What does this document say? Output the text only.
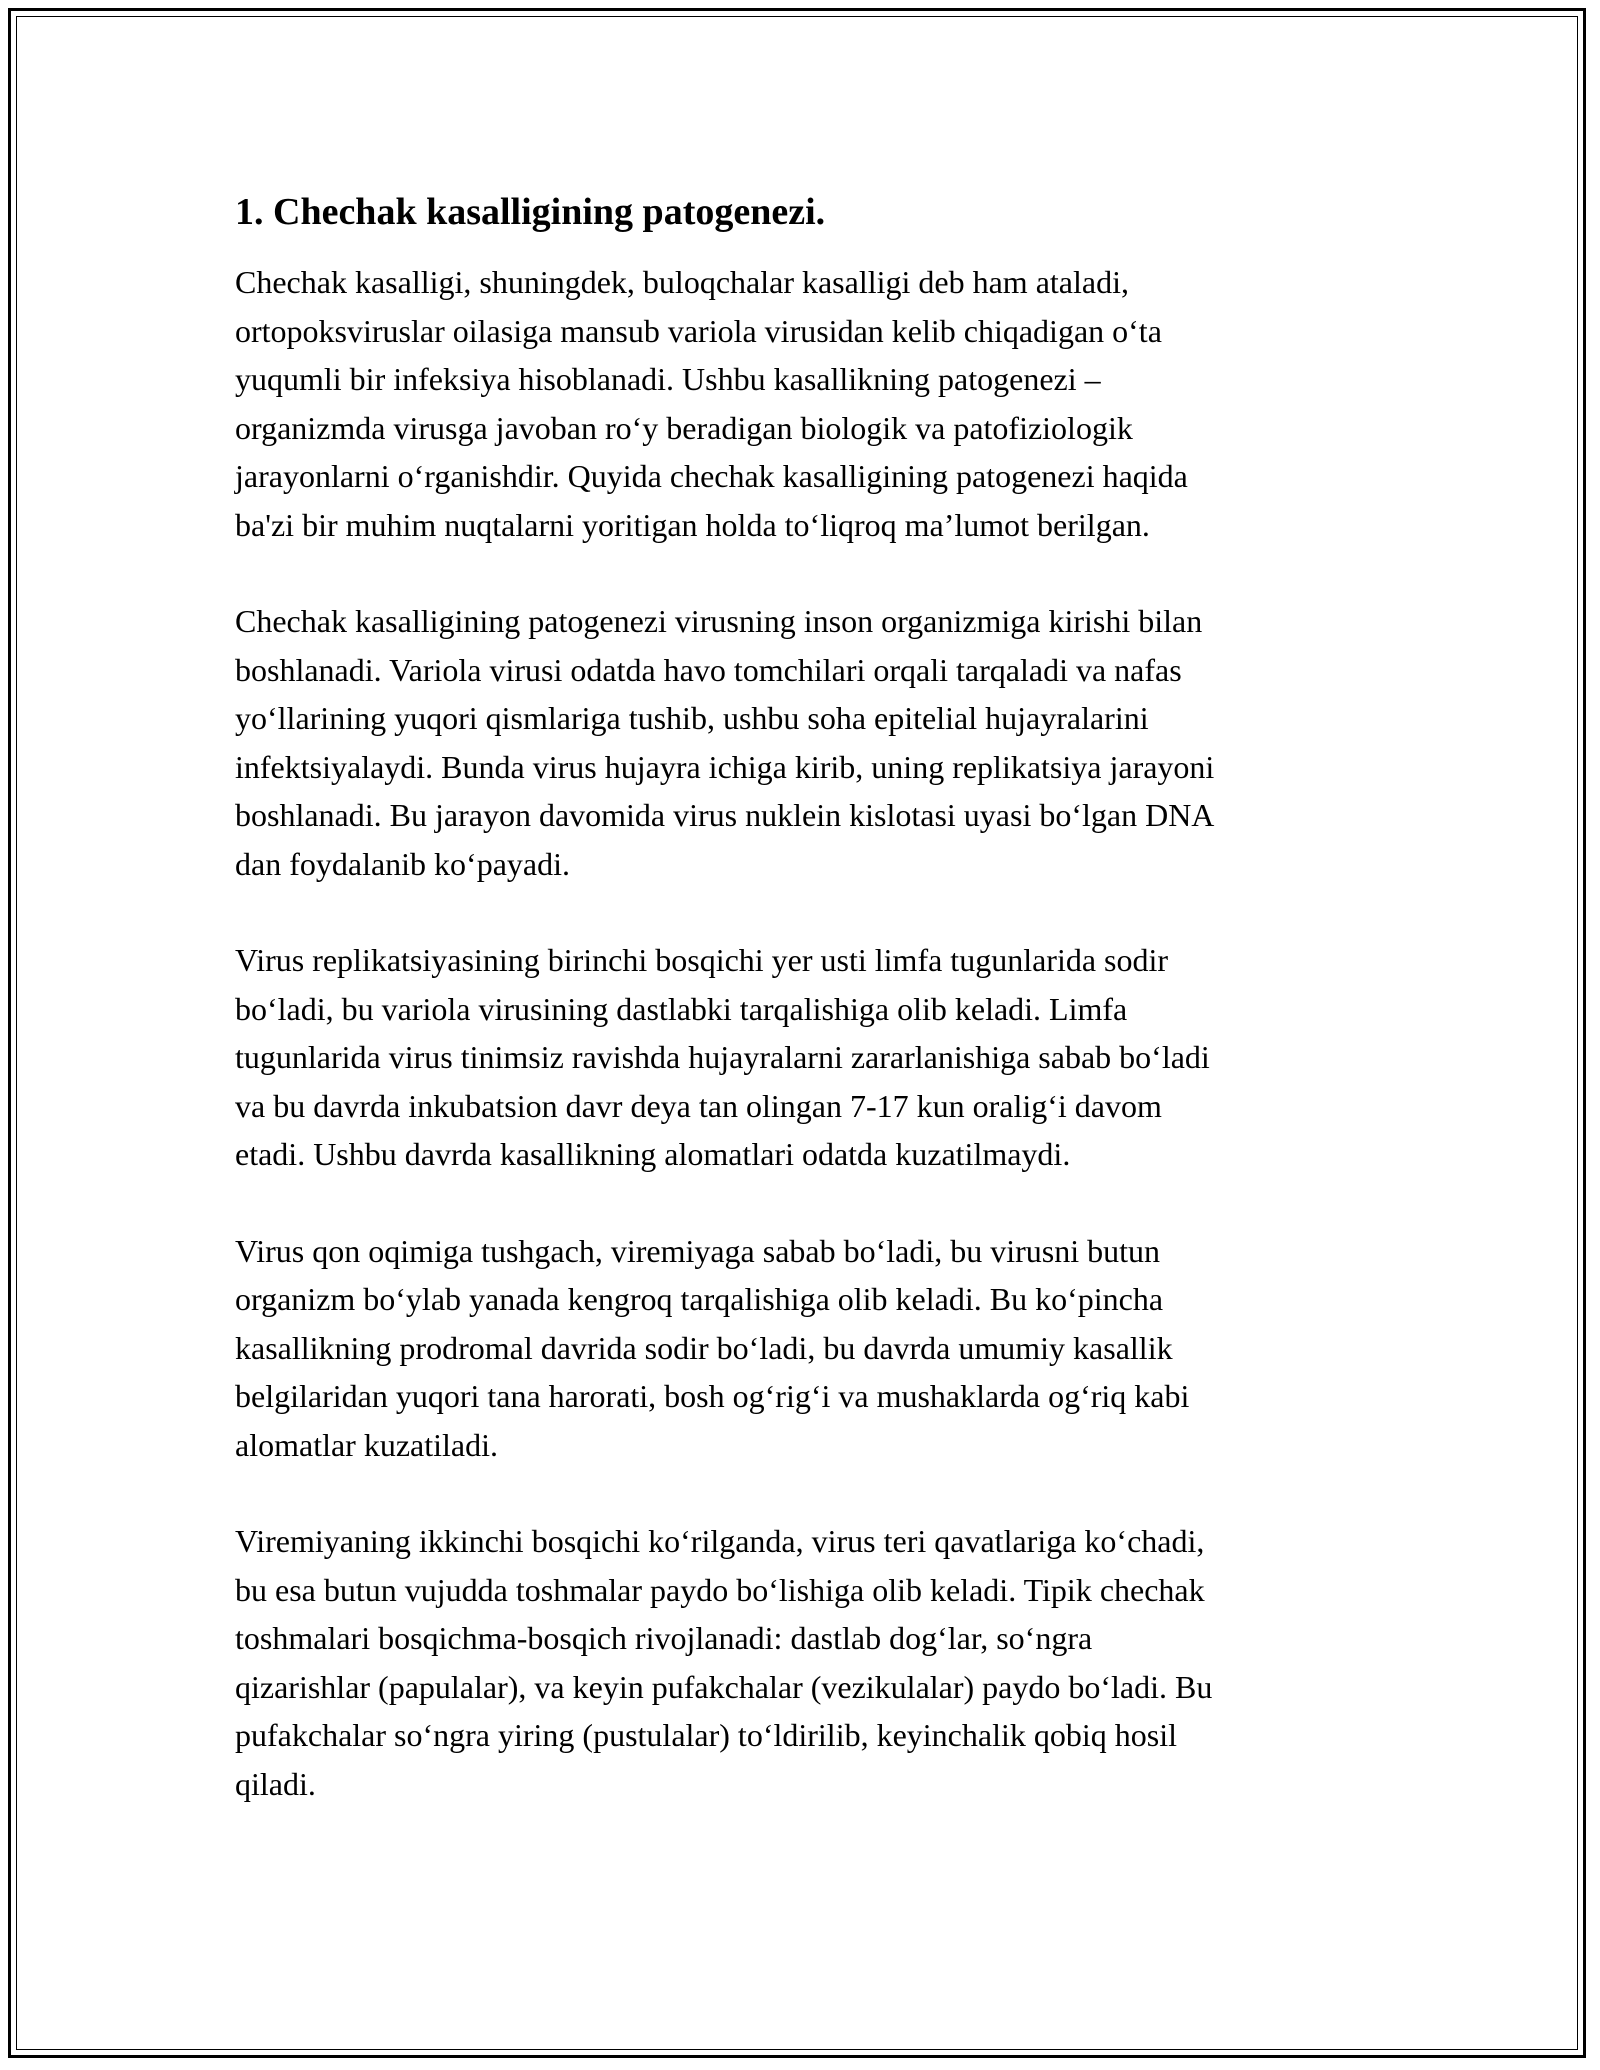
1. Chechak kasalligining patogenezi.
Chechak kasalligi, shuningdek, buloqchalar kasalligi deb ham ataladi,
ortopoksviruslar oilasiga mansub variola virusidan kelib chiqadigan o‘ta
yuqumli bir infeksiya hisoblanadi. Ushbu kasallikning patogenezi –
organizmda virusga javoban ro‘y beradigan biologik va patofiziologik
jarayonlarni o‘rganishdir. Quyida chechak kasalligining patogenezi haqida
ba'zi bir muhim nuqtalarni yoritigan holda to‘liqroq ma’lumot berilgan.
Chechak kasalligining patogenezi virusning inson organizmiga kirishi bilan
boshlanadi. Variola virusi odatda havo tomchilari orqali tarqaladi va nafas
yo‘llarining yuqori qismlariga tushib, ushbu soha epitelial hujayralarini
infektsiyalaydi. Bunda virus hujayra ichiga kirib, uning replikatsiya jarayoni
boshlanadi. Bu jarayon davomida virus nuklein kislotasi uyasi bo‘lgan DNA
dan foydalanib ko‘payadi.
Virus replikatsiyasining birinchi bosqichi yer usti limfa tugunlarida sodir
bo‘ladi, bu variola virusining dastlabki tarqalishiga olib keladi. Limfa
tugunlarida virus tinimsiz ravishda hujayralarni zararlanishiga sabab bo‘ladi
va bu davrda inkubatsion davr deya tan olingan 7-17 kun oralig‘i davom
etadi. Ushbu davrda kasallikning alomatlari odatda kuzatilmaydi.
Virus qon oqimiga tushgach, viremiyaga sabab bo‘ladi, bu virusni butun
organizm bo‘ylab yanada kengroq tarqalishiga olib keladi. Bu ko‘pincha
kasallikning prodromal davrida sodir bo‘ladi, bu davrda umumiy kasallik
belgilaridan yuqori tana harorati, bosh og‘rig‘i va mushaklarda og‘riq kabi
alomatlar kuzatiladi.
Viremiyaning ikkinchi bosqichi ko‘rilganda, virus teri qavatlariga ko‘chadi,
bu esa butun vujudda toshmalar paydo bo‘lishiga olib keladi. Tipik chechak
toshmalari bosqichma-bosqich rivojlanadi: dastlab dog‘lar, so‘ngra
qizarishlar (papulalar), va keyin pufakchalar (vezikulalar) paydo bo‘ladi. Bu
pufakchalar so‘ngra yiring (pustulalar) to‘ldirilib, keyinchalik qobiq hosil
qiladi.
